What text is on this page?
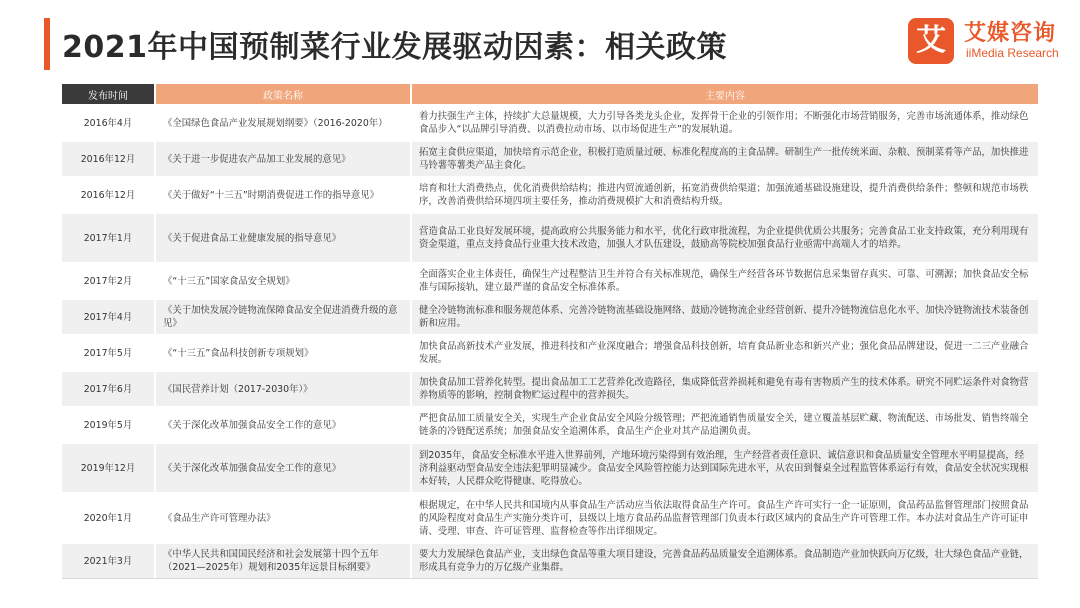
2021年中国预制菜行业发展驱动因素：相关政策	艾 艾媒咨询
iiMedia Research
发布时间	政策名称	主要内容
2016年4月	《全国绿色食品产业发展规划纲要》（2016-2020年）	着力扶强生产主体，持续扩大总量规模，大力引导各类龙头企业，发挥骨干企业的引领作用；不断强化市场营销服务，完善市场流通体系，推动绿色食品步入“以品牌引导消费、以消费拉动市场、以市场促进生产”的发展轨道。
2016年12月	《关于进一步促进农产品加工业发展的意见》	拓宽主食供应渠道，加快培育示范企业，积极打造质量过硬、标准化程度高的主食品牌。研制生产一批传统米面、杂粮、预制菜肴等产品，加快推进马铃薯等薯类产品主食化。
2016年12月	《关于做好“十三五”时期消费促进工作的指导意见》	培育和壮大消费热点，优化消费供给结构；推进内贸流通创新，拓宽消费供给渠道；加强流通基础设施建设，提升消费供给条件；整顿和规范市场秩序，改善消费供给环境四项主要任务，推动消费规模扩大和消费结构升级。
2017年1月	《关于促进食品工业健康发展的指导意见》	营造食品工业良好发展环境，提高政府公共服务能力和水平，优化行政审批流程，为企业提供优质公共服务；完善食品工业支持政策，充分利用现有资金渠道，重点支持食品行业重大技术改造，加强人才队伍建设，鼓励高等院校加强食品行业亟需中高端人才的培养。
2017年2月	《“十三五”国家食品安全规划》	全面落实企业主体责任，确保生产过程整洁卫生并符合有关标准规范，确保生产经营各环节数据信息采集留存真实、可靠、可溯源；加快食品安全标准与国际接轨，建立最严谨的食品安全标准体系。
2017年4月	《关于加快发展冷链物流保障食品安全促进消费升级的意见》	健全冷链物流标准和服务规范体系、完善冷链物流基础设施网络、鼓励冷链物流企业经营创新、提升冷链物流信息化水平、加快冷链物流技术装备创新和应用。
2017年5月	《“十三五”食品科技创新专项规划》	加快食品高新技术产业发展，推进科技和产业深度融合；增强食品科技创新，培育食品新业态和新兴产业；强化食品品牌建设，促进一二三产业融合发展。
2017年6月	《国民营养计划（2017-2030年）》	加快食品加工营养化转型。提出食品加工工艺营养化改造路径，集成降低营养损耗和避免有毒有害物质产生的技术体系。研究不同贮运条件对食物营养物质等的影响，控制食物贮运过程中的营养损失。
2019年5月	《关于深化改革加强食品安全工作的意见》	严把食品加工质量安全关，实现生产企业食品安全风险分级管理；严把流通销售质量安全关，建立覆盖基层贮藏、物流配送、市场批发、销售终端全链条的冷链配送系统；加强食品安全追溯体系，食品生产企业对其产品追溯负责。
2019年12月	《关于深化改革加强食品安全工作的意见》	到2035年，食品安全标准水平进入世界前列，产地环境污染得到有效治理，生产经营者责任意识、诚信意识和食品质量安全管理水平明显提高，经济利益驱动型食品安全违法犯罪明显减少。食品安全风险管控能力达到国际先进水平，从农田到餐桌全过程监管体系运行有效，食品安全状况实现根本好转，人民群众吃得健康、吃得放心。
2020年1月	《食品生产许可管理办法》	根据规定，在中华人民共和国境内从事食品生产活动应当依法取得食品生产许可。食品生产许可实行一企一证原则，食品药品监督管理部门按照食品的风险程度对食品生产实施分类许可，县级以上地方食品药品监督管理部门负责本行政区域内的食品生产许可管理工作。本办法对食品生产许可证申请、受理、审查、许可证管理、监督检查等作出详细规定。
2021年3月	《中华人民共和国国民经济和社会发展第十四个五年（2021—2025年）规划和2035年远景目标纲要》	要大力发展绿色食品产业，支出绿色食品等重大项目建设，完善食品药品质量安全追溯体系。食品制造产业加快跃向万亿级，壮大绿色食品产业链，形成具有竞争力的万亿级产业集群。
